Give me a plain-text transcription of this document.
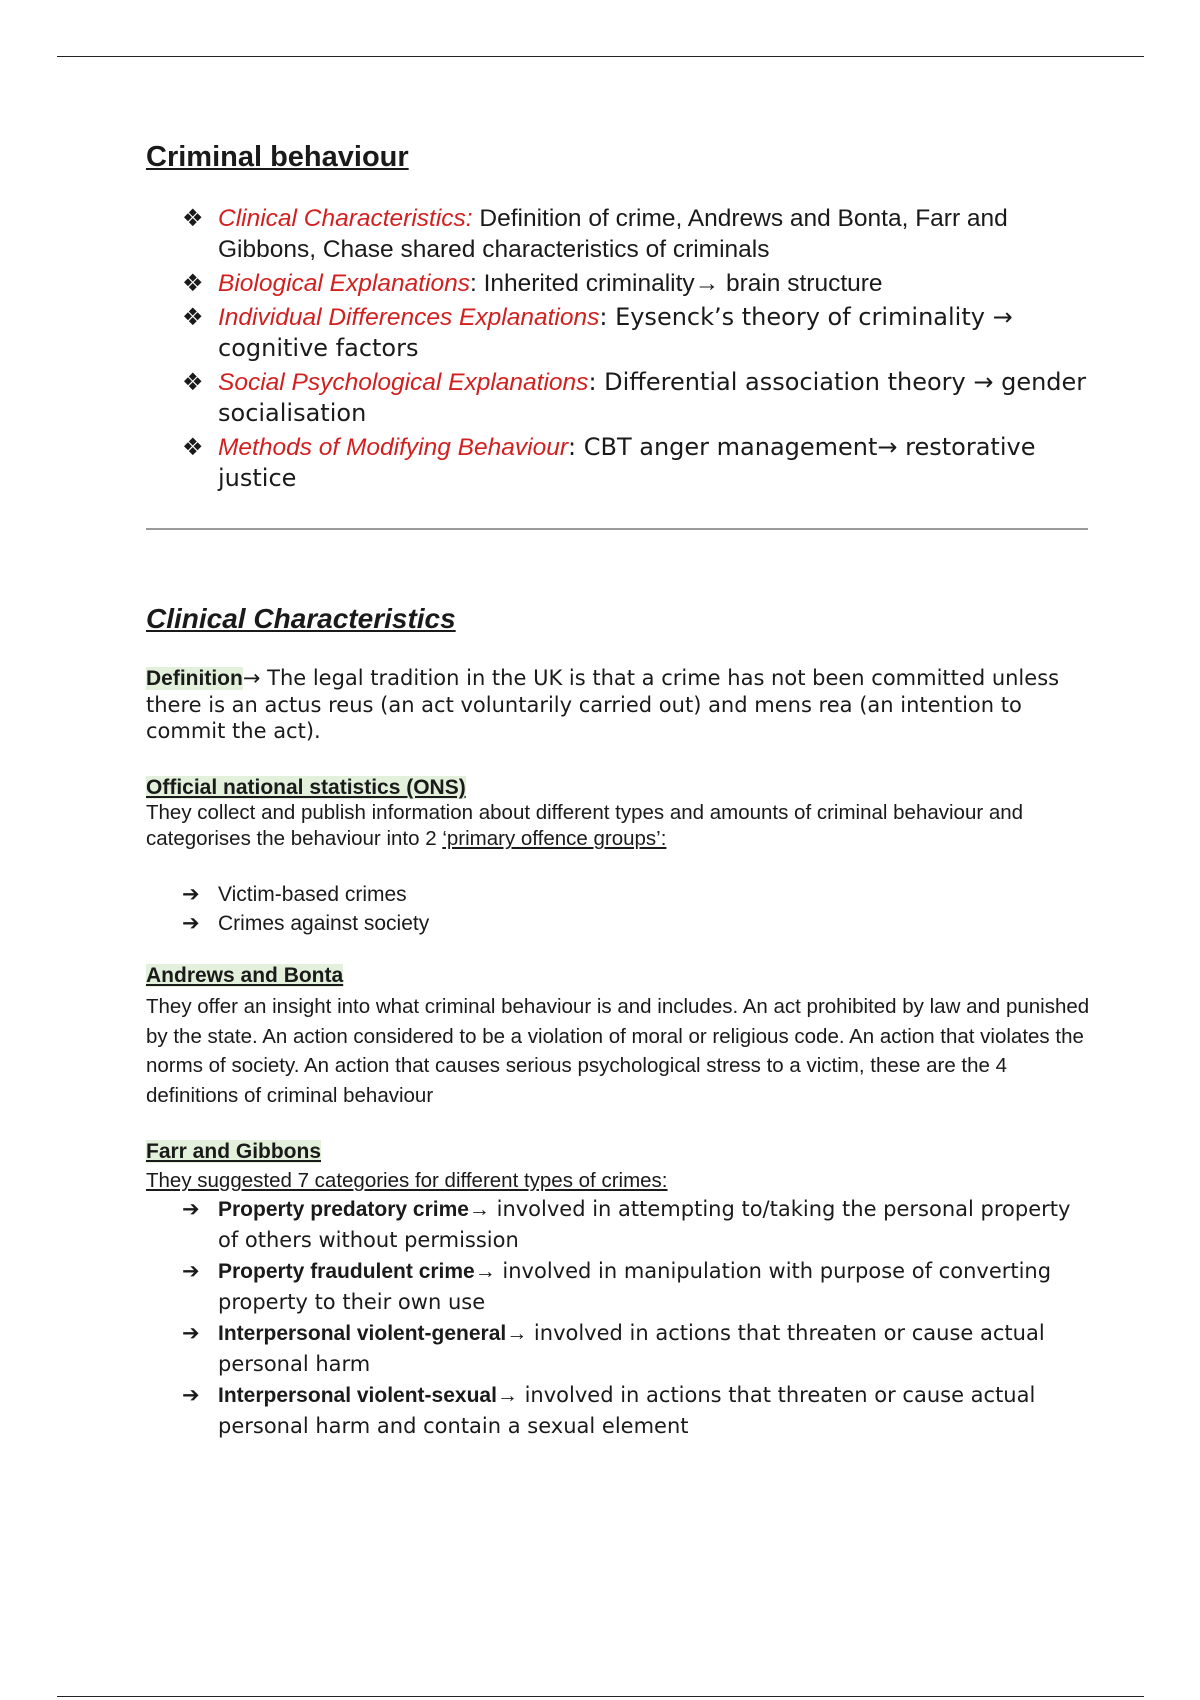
Criminal behaviour
❖ Clinical Characteristics: Definition of crime, Andrews and Bonta, Farr and Gibbons, Chase shared characteristics of criminals
❖ Biological Explanations: Inherited criminality→ brain structure
❖ Individual Differences Explanations: Eysenck’s theory of criminality → cognitive factors
❖ Social Psychological Explanations: Differential association theory → gender socialisation
❖ Methods of Modifying Behaviour: CBT anger management→ restorative justice
Clinical Characteristics

Definition→ The legal tradition in the UK is that a crime has not been committed unless there is an actus reus (an act voluntarily carried out) and mens rea (an intention to commit the act).

Official national statistics (ONS)
They collect and publish information about different types and amounts of criminal behaviour and categorises the behaviour into 2 ‘primary offence groups’:
➔ Victim-based crimes
➔ Crimes against society
Andrews and Bonta
They offer an insight into what criminal behaviour is and includes. An act prohibited by law and punished by the state. An action considered to be a violation of moral or religious code. An action that violates the norms of society. An action that causes serious psychological stress to a victim, these are the 4 definitions of criminal behaviour
Farr and Gibbons
They suggested 7 categories for different types of crimes:
➔ Property predatory crime→ involved in attempting to/taking the personal property of others without permission
➔ Property fraudulent crime→ involved in manipulation with purpose of converting property to their own use
➔ Interpersonal violent-general→ involved in actions that threaten or cause actual personal harm
➔ Interpersonal violent-sexual→ involved in actions that threaten or cause actual personal harm and contain a sexual element
